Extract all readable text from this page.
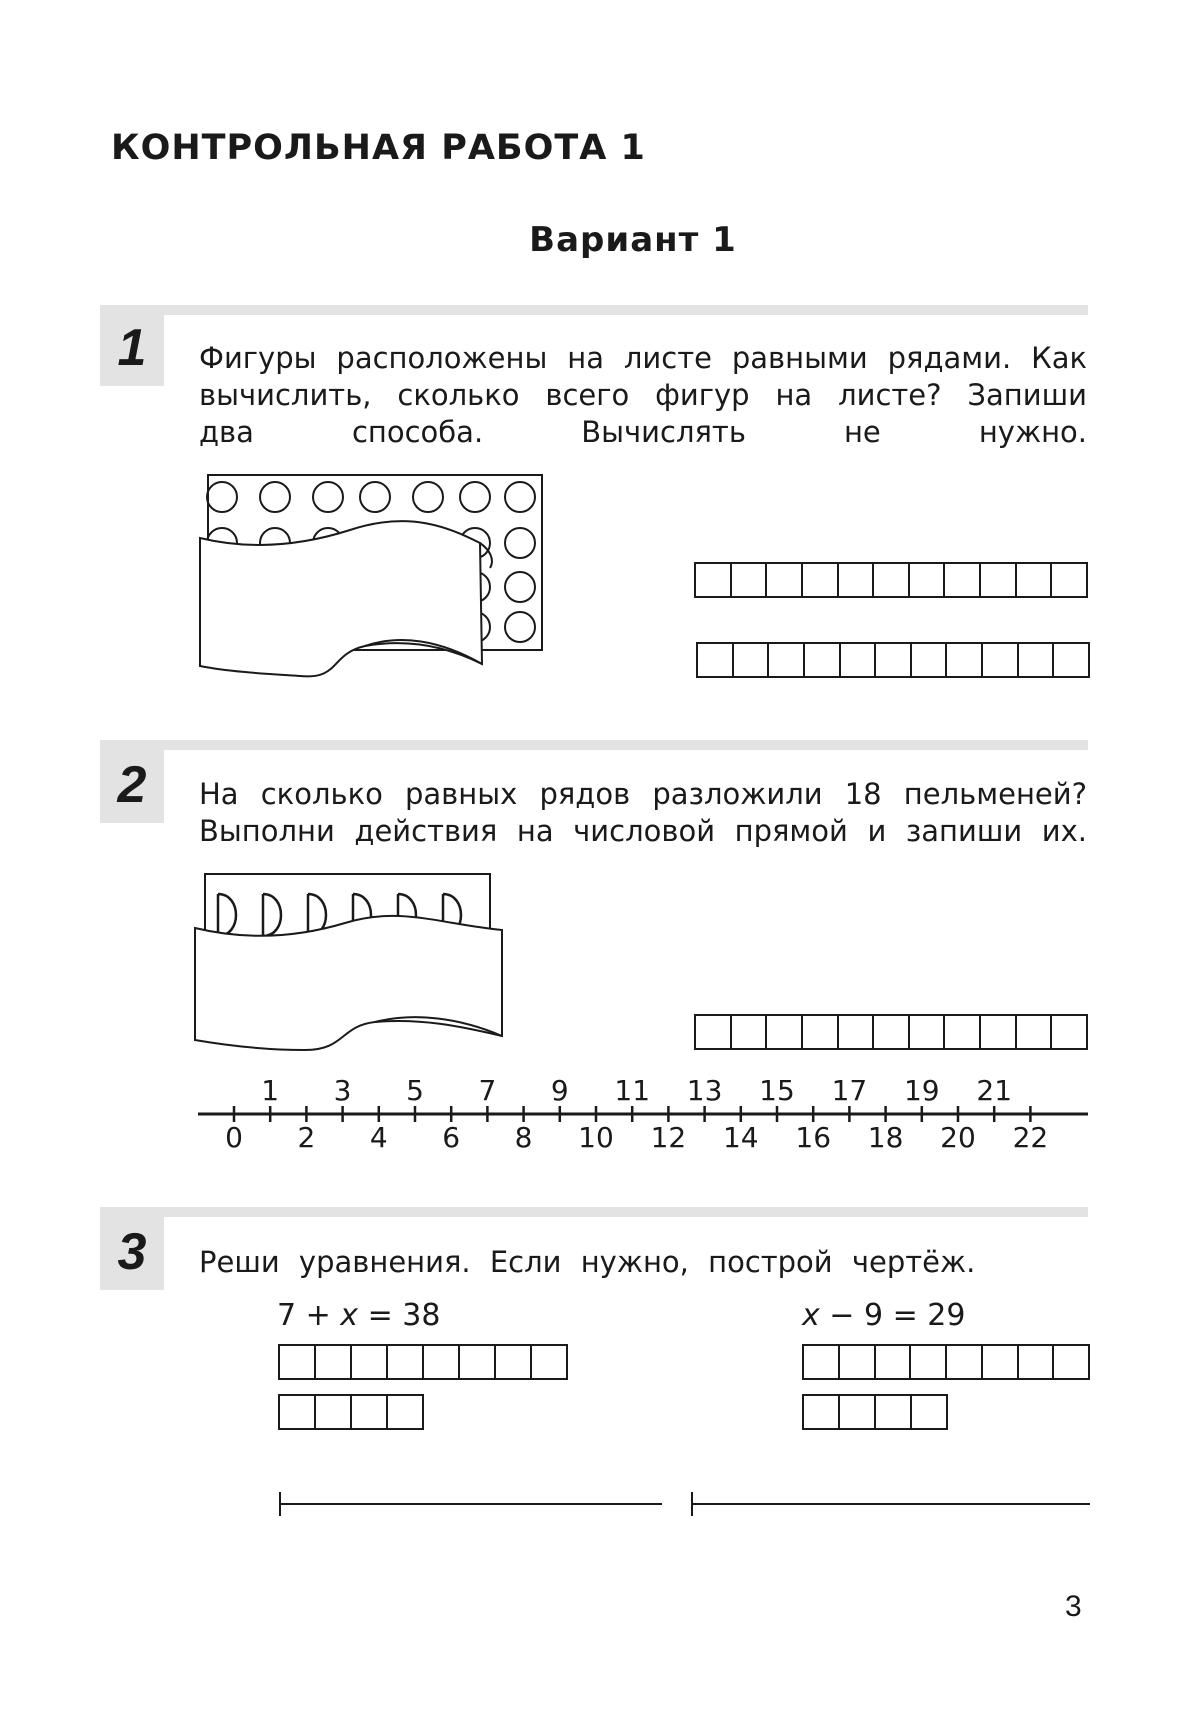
КОНТРОЛЬНАЯ РАБОТА 1
Вариант 1
1	Фигуры расположены на листе равными рядами. Как вычислить, сколько всего фигур на листе? Запиши два способа. Вычислять не нужно.

2	На сколько равных рядов разложили 18 пельменей? Выполни действия на числовой прямой и запиши их.

1 3 5 7 9 11 13 15 17 19 21
0 2 4 6 8 10 12 14 16 18 20 22
3	Реши уравнения. Если нужно, построй чертёж.

7 + x = 38	x − 9 = 29

3
